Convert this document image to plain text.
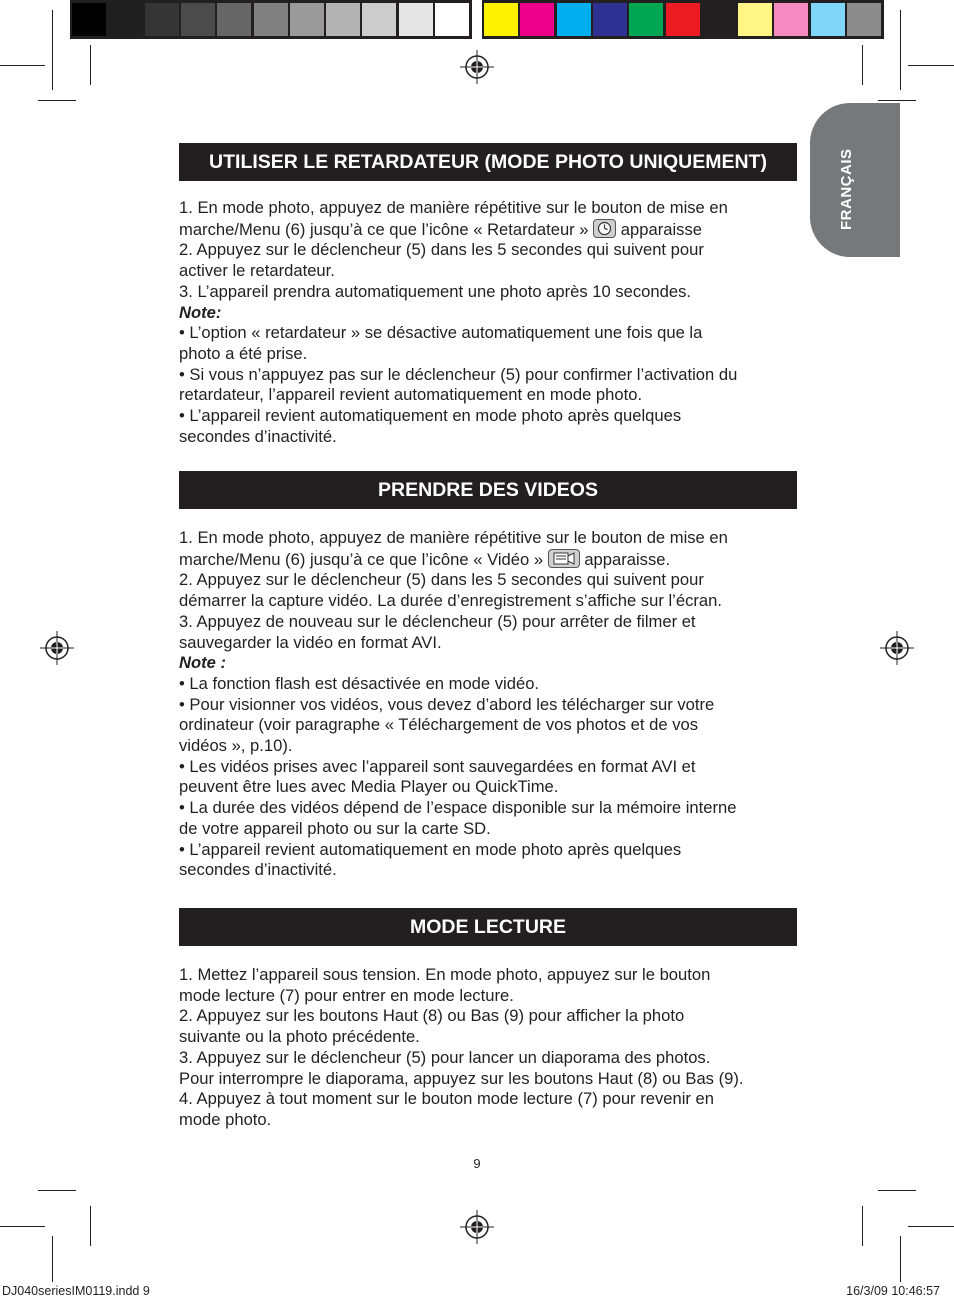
FRANÇAIS
UTILISER LE RETARDATEUR (MODE PHOTO UNIQUEMENT)

1. En mode photo, appuyez de manière répétitive sur le bouton de mise en

marche/Menu (6) jusqu’à ce que l’icône « Retardateur » apparaisse

2. Appuyez sur le déclencheur (5) dans les 5 secondes qui suivent pour

activer le retardateur.

3. L’appareil prendra automatiquement une photo après 10 secondes.

Note:

• L’option « retardateur » se désactive automatiquement une fois que la

photo a été prise.

• Si vous n’appuyez pas sur le déclencheur (5) pour confirmer l’activation du

retardateur, l’appareil revient automatiquement en mode photo.

• L’appareil revient automatiquement en mode photo après quelques

secondes d’inactivité.

PRENDRE DES VIDEOS

1. En mode photo, appuyez de manière répétitive sur le bouton de mise en

marche/Menu (6) jusqu’à ce que l’icône « Vidéo » apparaisse.

2. Appuyez sur le déclencheur (5) dans les 5 secondes qui suivent pour

démarrer la capture vidéo. La durée d’enregistrement s’affiche sur l’écran.

3. Appuyez de nouveau sur le déclencheur (5) pour arrêter de filmer et

sauvegarder la vidéo en format AVI.

Note :

• La fonction flash est désactivée en mode vidéo.

• Pour visionner vos vidéos, vous devez d’abord les télécharger sur votre

ordinateur (voir paragraphe « Téléchargement de vos photos et de vos

vidéos », p.10).

• Les vidéos prises avec l’appareil sont sauvegardées en format AVI et

peuvent être lues avec Media Player ou QuickTime.

• La durée des vidéos dépend de l’espace disponible sur la mémoire interne

de votre appareil photo ou sur la carte SD.

• L’appareil revient automatiquement en mode photo après quelques

secondes d’inactivité.

MODE LECTURE

1. Mettez l’appareil sous tension. En mode photo, appuyez sur le bouton

mode lecture (7) pour entrer en mode lecture.

2. Appuyez sur les boutons Haut (8) ou Bas (9) pour afficher la photo

suivante ou la photo précédente.

3. Appuyez sur le déclencheur (5) pour lancer un diaporama des photos.

Pour interrompre le diaporama, appuyez sur les boutons Haut (8) ou Bas (9).

4. Appuyez à tout moment sur le bouton mode lecture (7) pour revenir en

mode photo.

9
DJ040seriesIM0119.indd 9	16/3/09 10:46:57
